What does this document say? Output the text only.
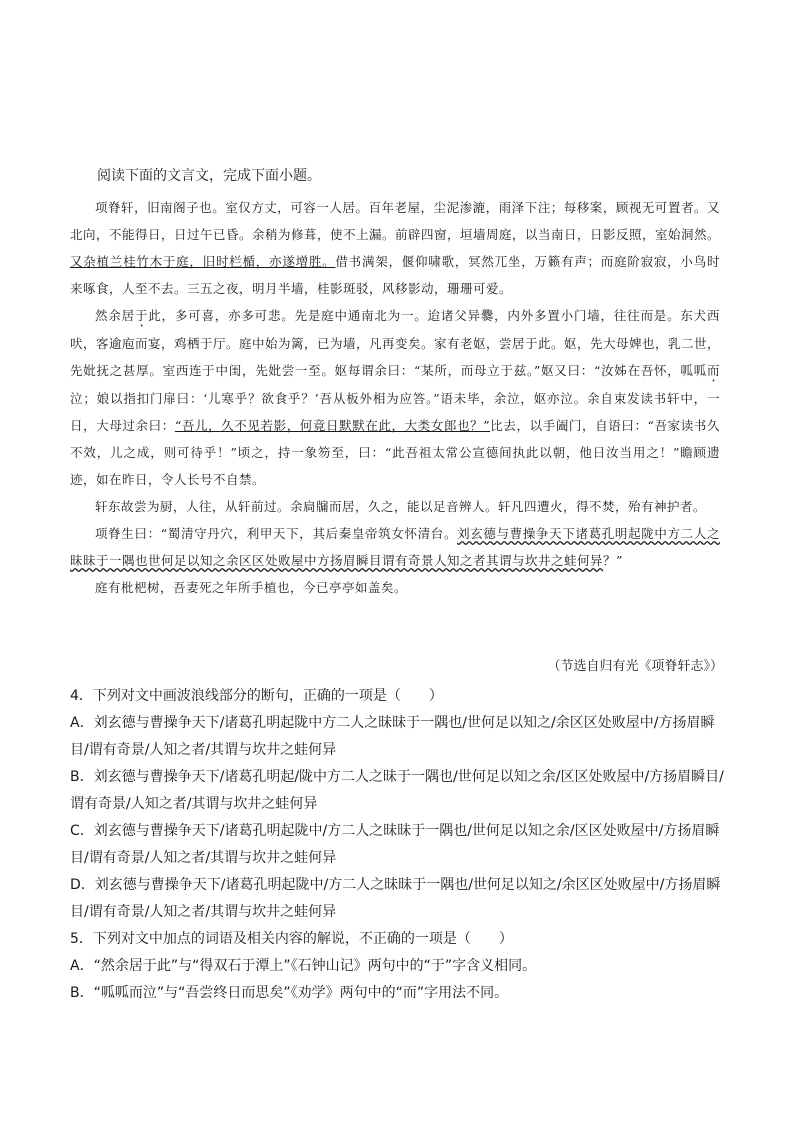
阅读下面的文言文，完成下面小题。

项脊轩，旧南阁子也。室仅方丈，可容一人居。百年老屋，尘泥渗漉，雨泽下注；每移案，顾视无可置者。又北向，不能得日，日过午已昏。余稍为修葺，使不上漏。前辟四窗，垣墙周庭，以当南日，日影反照，室始洞然。又杂植兰桂竹木于庭，旧时栏楯，亦遂增胜。借书满架，偃仰啸歌，冥然兀坐，万籁有声；而庭阶寂寂，小鸟时来啄食，人至不去。三五之夜，明月半墙，桂影斑驳，风移影动，珊珊可爱。

然余居于此，多可喜，亦多可悲。先是庭中通南北为一。迨诸父异爨，内外多置小门墙，往往而是。东犬西吠，客逾庖而宴，鸡栖于厅。庭中始为篱，已为墙，凡再变矣。家有老妪，尝居于此。妪，先大母婢也，乳二世，先妣抚之甚厚。室西连于中闺，先妣尝一至。妪每谓余曰：“某所，而母立于兹。”妪又曰：“汝姊在吾怀，呱呱而泣；娘以指扣门扉曰：‘儿寒乎？欲食乎？’吾从板外相为应答。”语未毕，余泣，妪亦泣。余自束发读书轩中，一日，大母过余曰：“吾儿，久不见若影，何竟日默默在此，大类女郎也？”比去，以手阖门，自语曰：“吾家读书久不效，儿之成，则可待乎！”顷之，持一象笏至，曰：“此吾祖太常公宣德间执此以朝，他日汝当用之！”瞻顾遗迹，如在昨日，令人长号不自禁。

轩东故尝为厨，人往，从轩前过。余扃牖而居，久之，能以足音辨人。轩凡四遭火，得不焚，殆有神护者。

项脊生曰：“蜀清守丹穴，利甲天下，其后秦皇帝筑女怀清台。刘玄德与曹操争天下诸葛孔明起陇中方二人之昧昧于一隅也世何足以知之余区区处败屋中方扬眉瞬目谓有奇景人知之者其谓与坎井之蛙何异？”

庭有枇杷树，吾妻死之年所手植也，今已亭亭如盖矣。

（节选自归有光《项脊轩志》）
4．下列对文中画波浪线部分的断句，正确的一项是（　　）
A．刘玄德与曹操争天下/诸葛孔明起陇中方二人之昧昧于一隅也/世何足以知之/余区区处败屋中/方扬眉瞬目/谓有奇景/人知之者/其谓与坎井之蛙何异
B．刘玄德与曹操争天下/诸葛孔明起/陇中方二人之昧于一隅也/世何足以知之余/区区处败屋中/方扬眉瞬目/谓有奇景/人知之者/其谓与坎井之蛙何异
C．刘玄德与曹操争天下/诸葛孔明起陇中/方二人之昧昧于一隅也/世何足以知之余/区区处败屋中/方扬眉瞬目/谓有奇景/人知之者/其谓与坎井之蛙何异
D．刘玄德与曹操争天下/诸葛孔明起陇中/方二人之昧昧于一隅也/世何足以知之/余区区处败屋中/方扬眉瞬目/谓有奇景/人知之者/其谓与坎井之蛙何异
5．下列对文中加点的词语及相关内容的解说，不正确的一项是（　　）
A．“然余居于此”与“得双石于潭上”《石钟山记》两句中的“于”字含义相同。
B．“呱呱而泣”与“吾尝终日而思矣”《劝学》两句中的“而”字用法不同。
